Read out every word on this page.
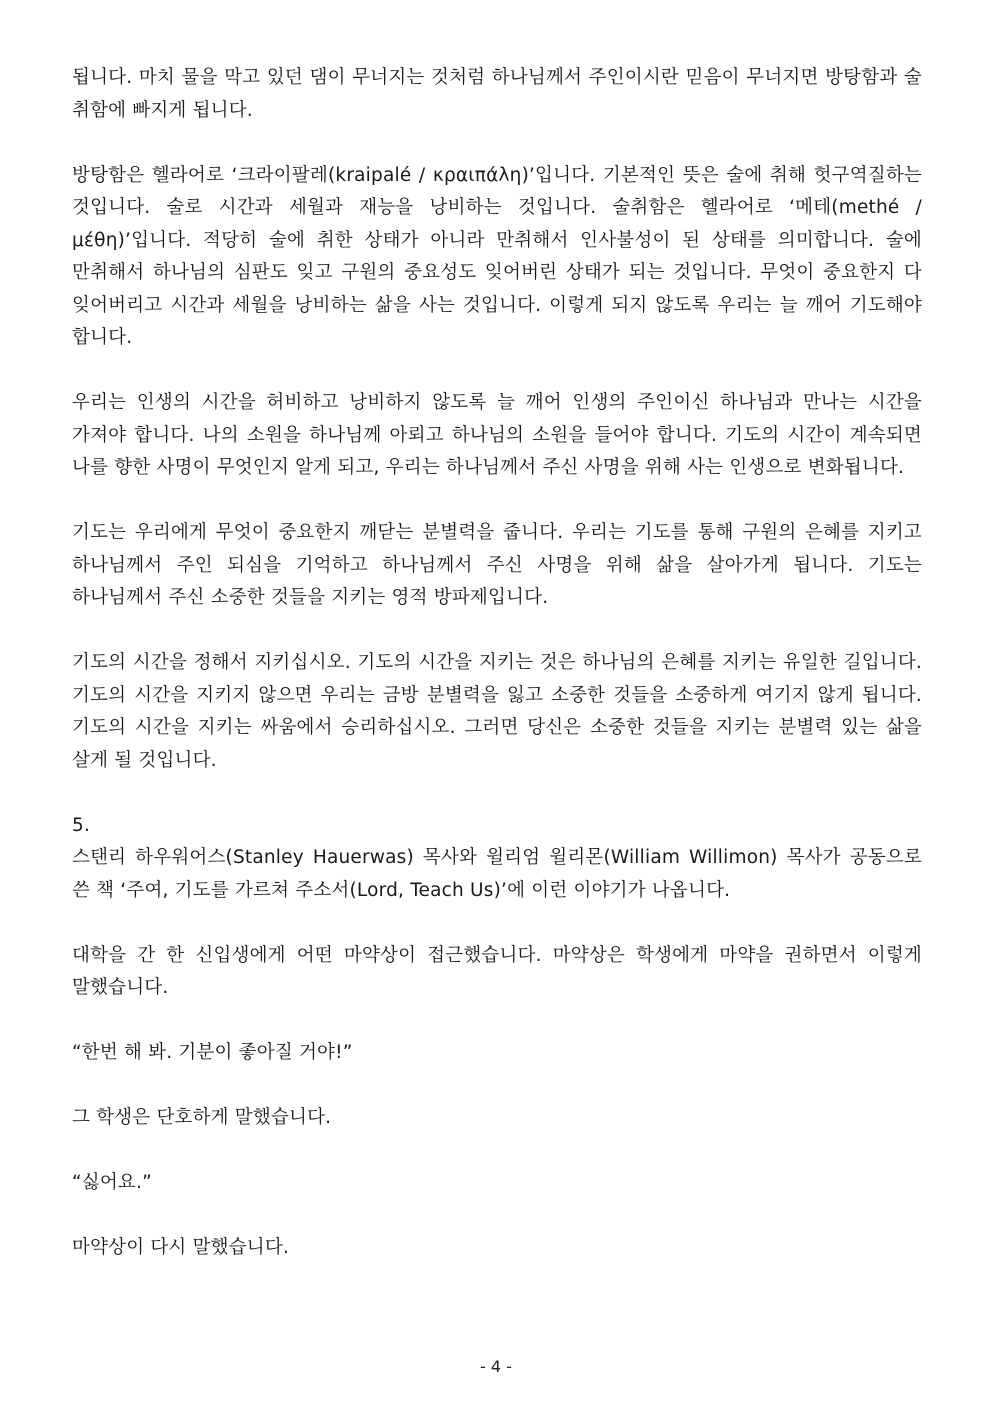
됩니다. 마치 물을 막고 있던 댐이 무너지는 것처럼 하나님께서 주인이시란 믿음이 무너지면 방탕함과 술 취함에 빠지게 됩니다.

방탕함은 헬라어로 ‘크라이팔레(kraipalé / κραιπάλη)’입니다. 기본적인 뜻은 술에 취해 헛구역질하는 것입니다. 술로 시간과 세월과 재능을 낭비하는 것입니다. 술취함은 헬라어로 ‘메테(methé / μέθη)’입니다. 적당히 술에 취한 상태가 아니라 만취해서 인사불성이 된 상태를 의미합니다. 술에 만취해서 하나님의 심판도 잊고 구원의 중요성도 잊어버린 상태가 되는 것입니다. 무엇이 중요한지 다 잊어버리고 시간과 세월을 낭비하는 삶을 사는 것입니다. 이렇게 되지 않도록 우리는 늘 깨어 기도해야 합니다.

우리는 인생의 시간을 허비하고 낭비하지 않도록 늘 깨어 인생의 주인이신 하나님과 만나는 시간을 가져야 합니다. 나의 소원을 하나님께 아뢰고 하나님의 소원을 들어야 합니다. 기도의 시간이 계속되면 나를 향한 사명이 무엇인지 알게 되고, 우리는 하나님께서 주신 사명을 위해 사는 인생으로 변화됩니다.

기도는 우리에게 무엇이 중요한지 깨닫는 분별력을 줍니다. 우리는 기도를 통해 구원의 은혜를 지키고 하나님께서 주인 되심을 기억하고 하나님께서 주신 사명을 위해 삶을 살아가게 됩니다. 기도는 하나님께서 주신 소중한 것들을 지키는 영적 방파제입니다.

기도의 시간을 정해서 지키십시오. 기도의 시간을 지키는 것은 하나님의 은혜를 지키는 유일한 길입니다. 기도의 시간을 지키지 않으면 우리는 금방 분별력을 잃고 소중한 것들을 소중하게 여기지 않게 됩니다. 기도의 시간을 지키는 싸움에서 승리하십시오. 그러면 당신은 소중한 것들을 지키는 분별력 있는 삶을 살게 될 것입니다.

5.

스탠리 하우워어스(Stanley Hauerwas) 목사와 윌리엄 윌리몬(William Willimon) 목사가 공동으로 쓴 책 ‘주여, 기도를 가르쳐 주소서(Lord, Teach Us)’에 이런 이야기가 나옵니다.

대학을 간 한 신입생에게 어떤 마약상이 접근했습니다. 마약상은 학생에게 마약을 권하면서 이렇게 말했습니다.

“한번 해 봐. 기분이 좋아질 거야!”

그 학생은 단호하게 말했습니다.

“싫어요.”

마약상이 다시 말했습니다.

- 4 -
